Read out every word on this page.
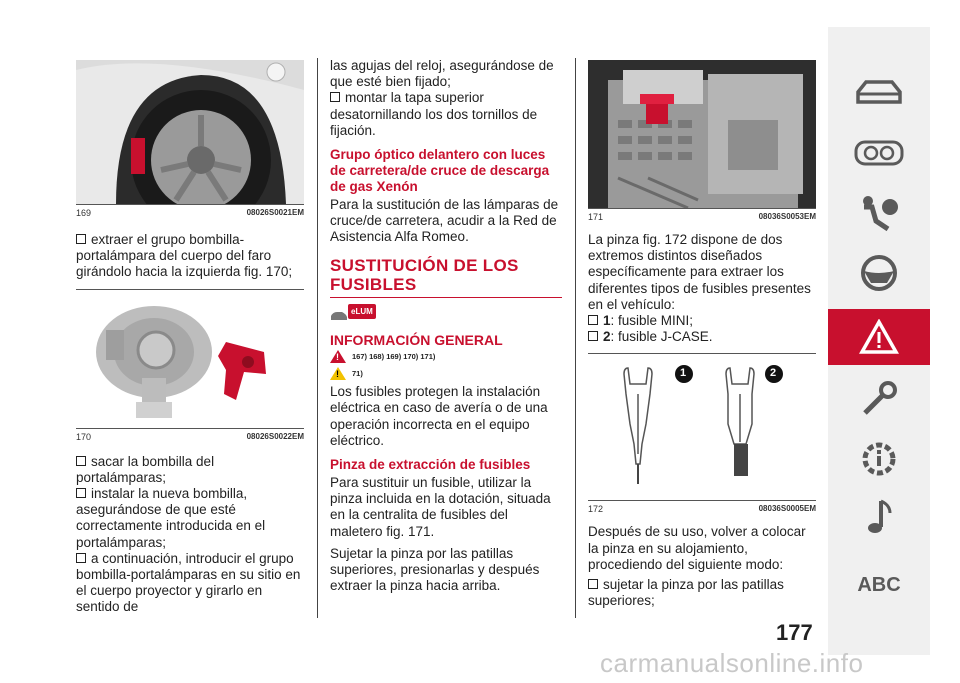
169	08026S0021EM

extraer el grupo bombilla-portalámpara del cuerpo del faro girándolo hacia la izquierda fig. 170;

170	08026S0022EM

sacar la bombilla del portalámparas;

instalar la nueva bombilla, asegurándose de que esté correctamente introducida en el portalámparas;

a continuación, introducir el grupo bombilla-portalámparas en su sitio en el cuerpo proyector y girarlo en sentido de

las agujas del reloj, asegurándose de que esté bien fijado;

montar la tapa superior desatornillando los dos tornillos de fijación.

Grupo óptico delantero con luces de carretera/de cruce de descarga de gas Xenón

Para la sustitución de las lámparas de cruce/de carretera, acudir a la Red de Asistencia Alfa Romeo.

SUSTITUCIÓN DE LOS FUSIBLES
eLUM
INFORMACIÓN GENERAL
! 167) 168) 169) 170) 171)
! 71)

Los fusibles protegen la instalación eléctrica en caso de avería o de una operación incorrecta en el equipo eléctrico.

Pinza de extracción de fusibles

Para sustituir un fusible, utilizar la pinza incluida en la dotación, situada en la centralita de fusibles del maletero fig. 171.

Sujetar la pinza por las patillas superiores, presionarlas y después extraer la pinza hacia arriba.

171	08036S0053EM

La pinza fig. 172 dispone de dos extremos distintos diseñados específicamente para extraer los diferentes tipos de fusibles presentes en el vehículo:

1: fusible MINI;

2: fusible J-CASE.

1	2
172	08036S0005EM

Después de su uso, volver a colocar la pinza en su alojamiento, procediendo del siguiente modo:

sujetar la pinza por las patillas superiores;

177
ABC
carmanualsonline.info
